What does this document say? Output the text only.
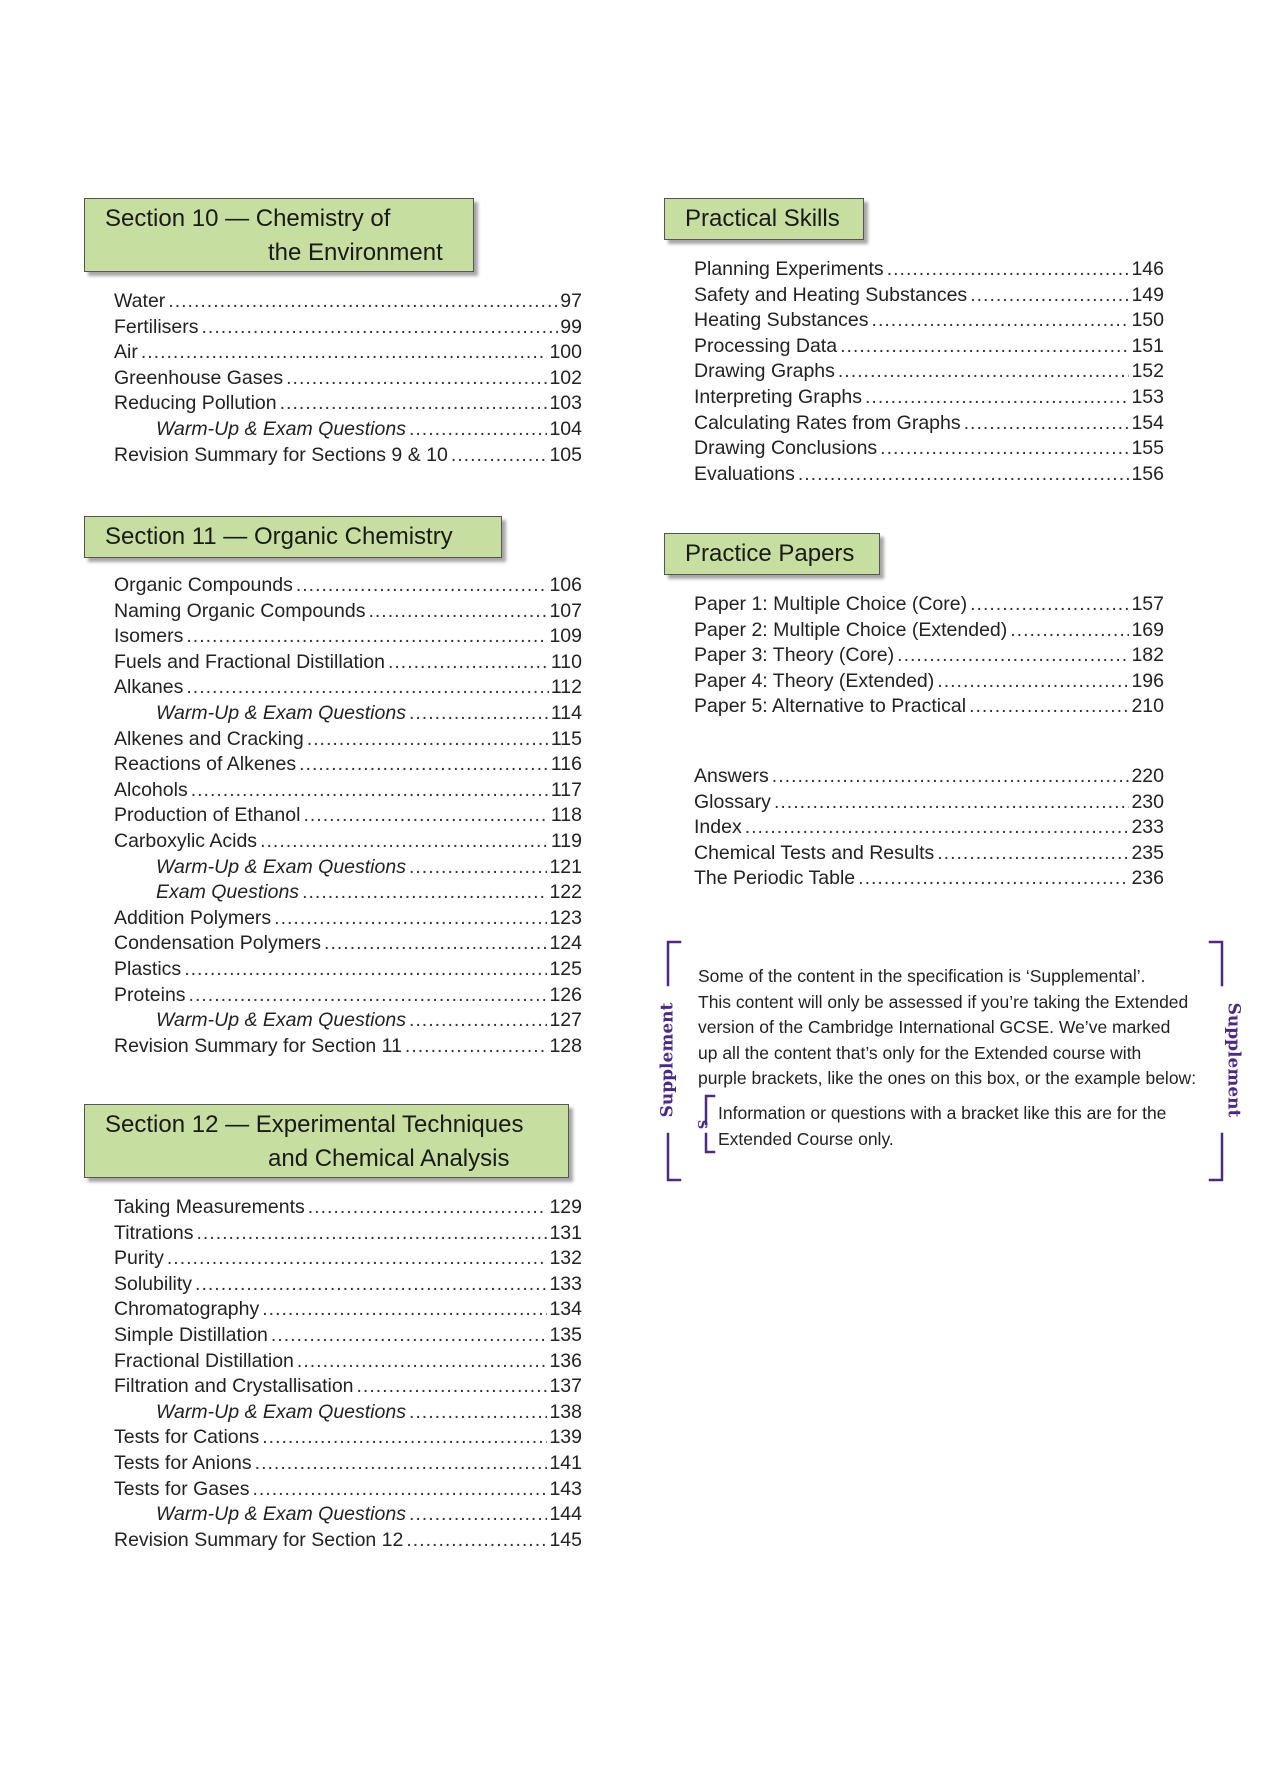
Section 10 — Chemistry of
the Environment
Section 11 — Organic Chemistry
Section 12 — Experimental Techniques
and Chemical Analysis
Practical Skills
Practice Papers
Water .....	97
Fertilisers .....	99
Air .....	100
Greenhouse Gases .....	102
Reducing Pollution .....	103
Warm-Up & Exam Questions .....	104
Revision Summary for Sections 9 & 10 .....	105
Organic Compounds .....	106
Naming Organic Compounds .....	107
Isomers .....	109
Fuels and Fractional Distillation .....	110
Alkanes .....	112
Warm-Up & Exam Questions .....	114
Alkenes and Cracking .....	115
Reactions of Alkenes .....	116
Alcohols .....	117
Production of Ethanol .....	118
Carboxylic Acids .....	119
Warm-Up & Exam Questions .....	121
Exam Questions .....	122
Addition Polymers .....	123
Condensation Polymers .....	124
Plastics .....	125
Proteins .....	126
Warm-Up & Exam Questions .....	127
Revision Summary for Section 11 .....	128
Taking Measurements .....	129
Titrations .....	131
Purity .....	132
Solubility .....	133
Chromatography .....	134
Simple Distillation .....	135
Fractional Distillation .....	136
Filtration and Crystallisation .....	137
Warm-Up & Exam Questions .....	138
Tests for Cations .....	139
Tests for Anions .....	141
Tests for Gases .....	143
Warm-Up & Exam Questions .....	144
Revision Summary for Section 12 .....	145
Planning Experiments .....	146
Safety and Heating Substances .....	149
Heating Substances .....	150
Processing Data .....	151
Drawing Graphs .....	152
Interpreting Graphs .....	153
Calculating Rates from Graphs .....	154
Drawing Conclusions .....	155
Evaluations .....	156
Paper 1: Multiple Choice (Core) .....	157
Paper 2: Multiple Choice (Extended) .....	169
Paper 3: Theory (Core) .....	182
Paper 4: Theory (Extended) .....	196
Paper 5: Alternative to Practical .....	210
Answers .....	220
Glossary .....	230
Index .....	233
Chemical Tests and Results .....	235
The Periodic Table .....	236
Supplement	Supplement
S
Some of the content in the specification is ‘Supplemental’.
This content will only be assessed if you’re taking the Extended
version of the Cambridge International GCSE. We’ve marked
up all the content that’s only for the Extended course with
purple brackets, like the ones on this box, or the example below:
Information or questions with a bracket like this are for the
Extended Course only.
